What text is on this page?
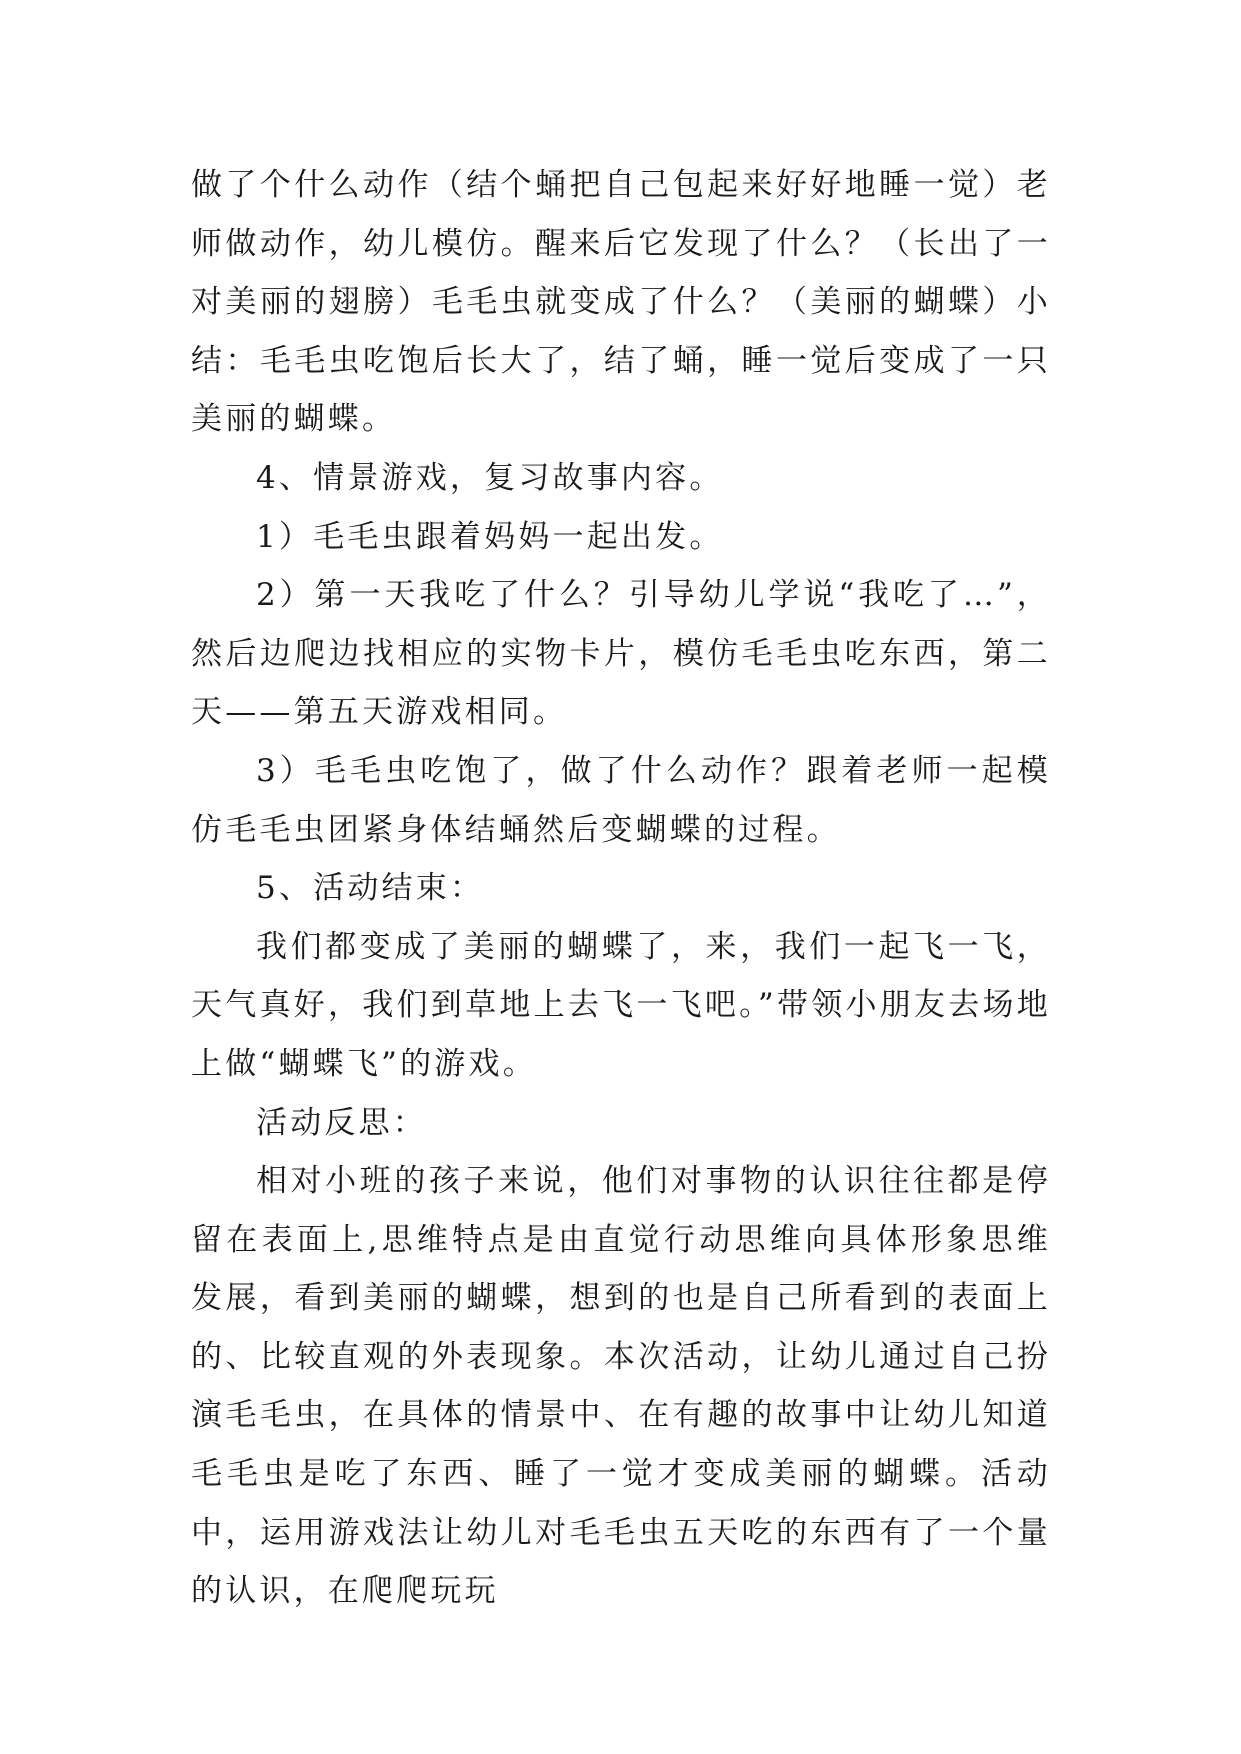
做了个什么动作（结个蛹把自己包起来好好地睡一觉）老师做动作，幼儿模仿。醒来后它发现了什么？（长出了一对美丽的翅膀）毛毛虫就变成了什么？（美丽的蝴蝶）小结：毛毛虫吃饱后长大了，结了蛹，睡一觉后变成了一只美丽的蝴蝶。

4、情景游戏，复习故事内容。

1）毛毛虫跟着妈妈一起出发。

2）第一天我吃了什么？引导幼儿学说“我吃了…”，然后边爬边找相应的实物卡片，模仿毛毛虫吃东西，第二天——第五天游戏相同。

3）毛毛虫吃饱了，做了什么动作？跟着老师一起模仿毛毛虫团紧身体结蛹然后变蝴蝶的过程。

5、活动结束：

我们都变成了美丽的蝴蝶了，来，我们一起飞一飞，天气真好，我们到草地上去飞一飞吧。”带领小朋友去场地上做“蝴蝶飞”的游戏。

活动反思：

相对小班的孩子来说，他们对事物的认识往往都是停留在表面上,思维特点是由直觉行动思维向具体形象思维发展，看到美丽的蝴蝶，想到的也是自己所看到的表面上的、比较直观的外表现象。本次活动，让幼儿通过自己扮演毛毛虫，在具体的情景中、在有趣的故事中让幼儿知道毛毛虫是吃了东西、睡了一觉才变成美丽的蝴蝶。活动中，运用游戏法让幼儿对毛毛虫五天吃的东西有了一个量的认识，在爬爬玩玩
